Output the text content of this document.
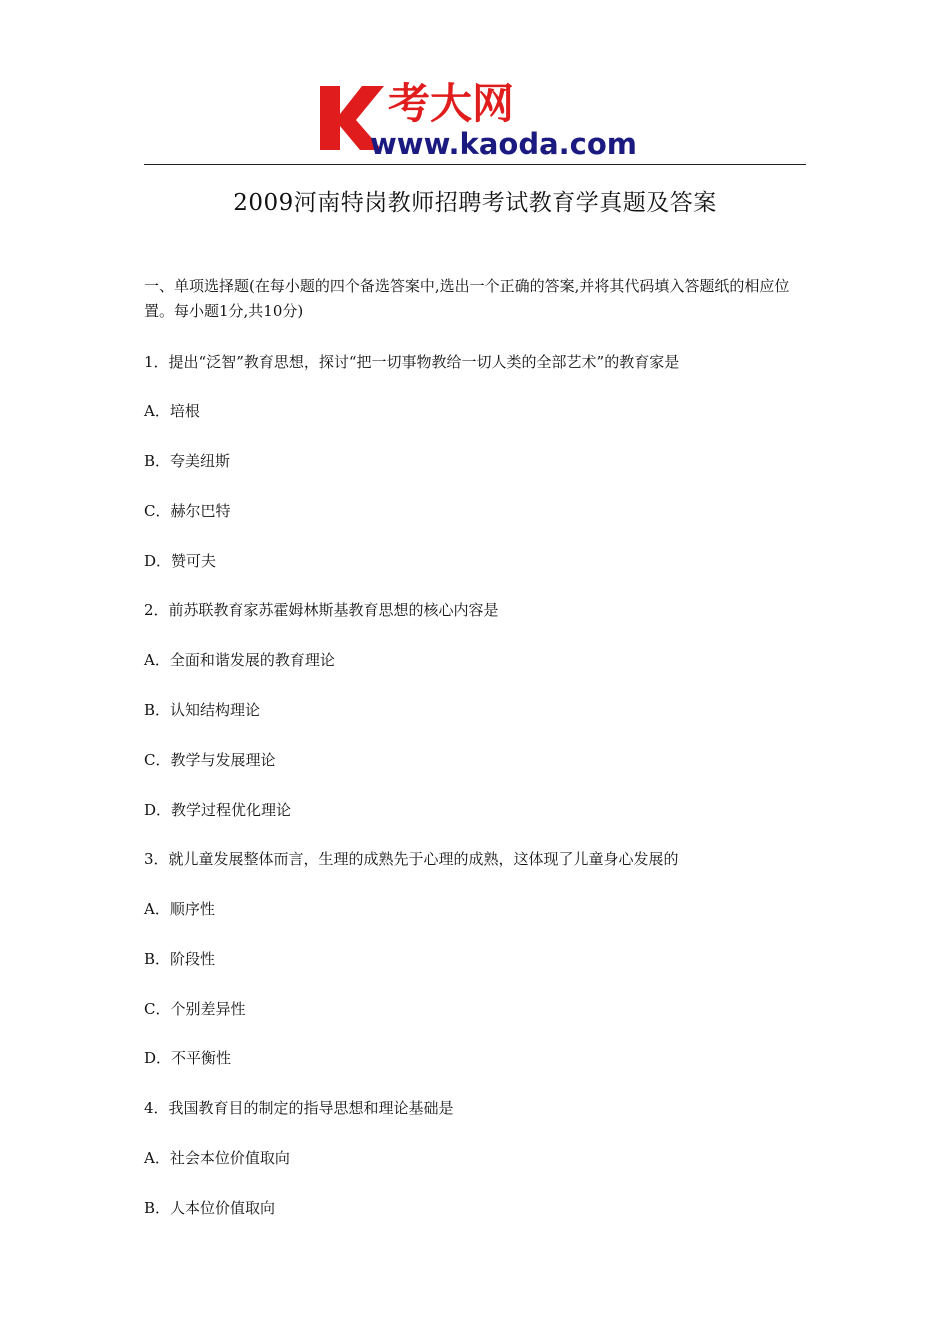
考大网
www.kaoda.com
2009河南特岗教师招聘考试教育学真题及答案
一、单项选择题(在每小题的四个备选答案中,选出一个正确的答案,并将其代码填入答题纸的相应位置。每小题1分,共10分)
1．提出“泛智”教育思想，探讨“把一切事物教给一切人类的全部艺术”的教育家是
A．培根
B．夸美纽斯
C．赫尔巴特
D．赞可夫
2．前苏联教育家苏霍姆林斯基教育思想的核心内容是
A．全面和谐发展的教育理论
B．认知结构理论
C．教学与发展理论
D．教学过程优化理论
3．就儿童发展整体而言，生理的成熟先于心理的成熟，这体现了儿童身心发展的
A．顺序性
B．阶段性
C．个别差异性
D．不平衡性
4．我国教育目的制定的指导思想和理论基础是
A．社会本位价值取向
B．人本位价值取向
